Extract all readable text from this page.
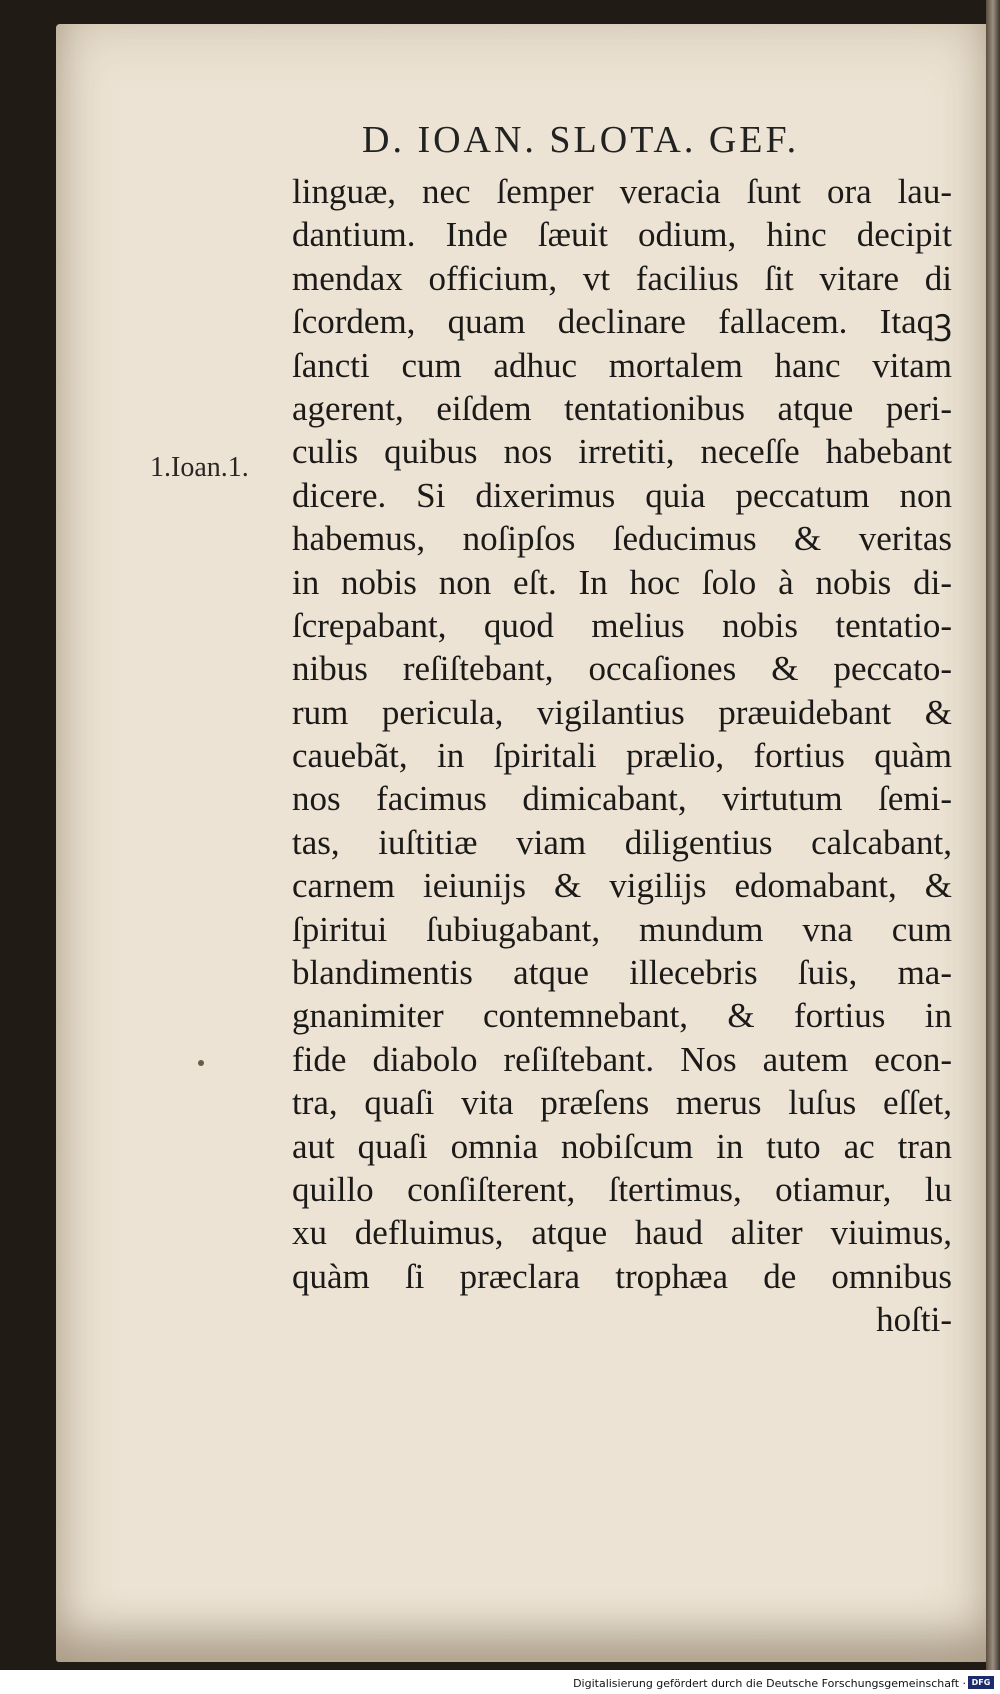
D. IOAN. SLOTA. GEF.
1.Ioan.1.
linguæ, nec ſemper veracia ſunt ora lau-
dantium. Inde ſæuit odium, hinc decipit
mendax officium, vt facilius ſit vitare di
ſcordem, quam declinare fallacem. Itaqꝫ
ſancti cum adhuc mortalem hanc vitam
agerent, eiſdem tentationibus atque peri-
culis quibus nos irretiti, neceſſe habebant
dicere. Si dixerimus quia peccatum non
habemus, noſipſos ſeducimus & veritas
in nobis non eſt. In hoc ſolo à nobis di-
ſcrepabant, quod melius nobis tentatio-
nibus reſiſtebant, occaſiones & peccato-
rum pericula, vigilantius præuidebant &
cauebãt, in ſpiritali prælio, fortius quàm
nos facimus dimicabant, virtutum ſemi-
tas, iuſtitiæ viam diligentius calcabant,
carnem ieiunijs & vigilijs edomabant, &
ſpiritui ſubiugabant, mundum vna cum
blandimentis atque illecebris ſuis, ma-
gnanimiter contemnebant, & fortius in
fide diabolo reſiſtebant. Nos autem econ-
tra, quaſi vita præſens merus luſus eſſet,
aut quaſi omnia nobiſcum in tuto ac tran
quillo conſiſterent, ſtertimus, otiamur, lu
xu defluimus, atque haud aliter viuimus,
quàm ſi præclara trophæa de omnibus
hoſti-
Digitalisierung gefördert durch die Deutsche Forschungsgemeinschaft · DFG
